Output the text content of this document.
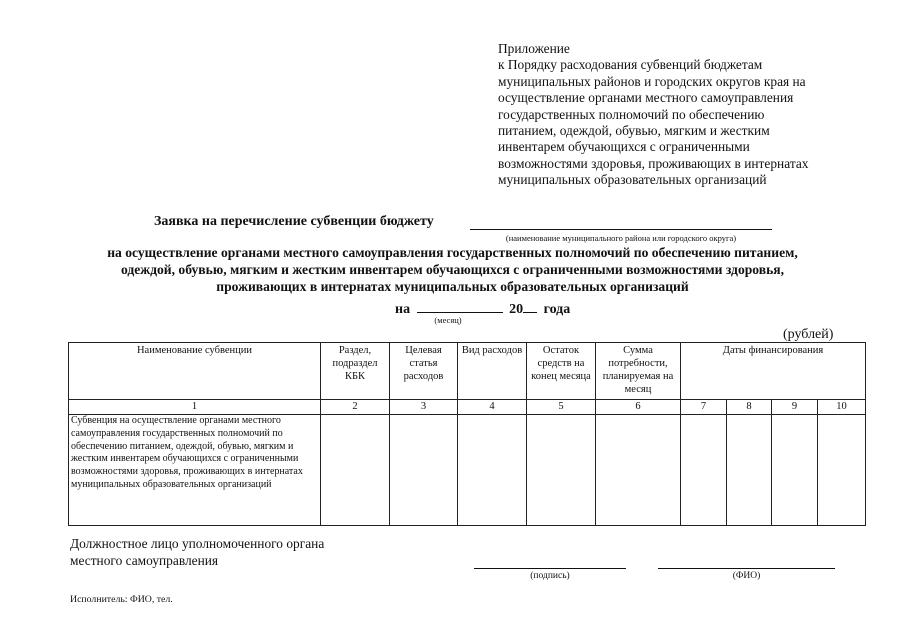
Приложение
к Порядку расходования субвенций бюджетам
муниципальных районов и городских округов края на
осуществление органами местного самоуправления
государственных полномочий по обеспечению
питанием, одеждой, обувью, мягким и жестким
инвентарем обучающихся с ограниченными
возможностями здоровья, проживающих в интернатах
муниципальных образовательных организаций
Заявка на перечисление субвенции бюджету
(наименование муниципального района или городского округа)
на осуществление органами местного самоуправления государственных полномочий по обеспечению питанием,
одеждой, обувью, мягким и жестким инвентарем обучающихся с ограниченными возможностями здоровья,
проживающих в интернатах муниципальных образовательных организаций
на	20 года
(месяц)
(рублей)
Наименование субвенции	Раздел, подраздел КБК	Целевая статья расходов	Вид расходов	Остаток средств на конец месяца	Сумма потребности, планируемая на месяц	Даты финансирования			
1	2	3	4	5	6	7	8	9	10
Субвенция на осуществление органами местного самоуправления государственных полномочий по обеспечению питанием, одеждой, обувью, мягким и жестким инвентарем обучающихся с ограниченными возможностями здоровья, проживающих в интернатах муниципальных образовательных организаций									
Должностное лицо уполномоченного органа
местного самоуправления
(подпись)	(ФИО)
Исполнитель: ФИО, тел.
